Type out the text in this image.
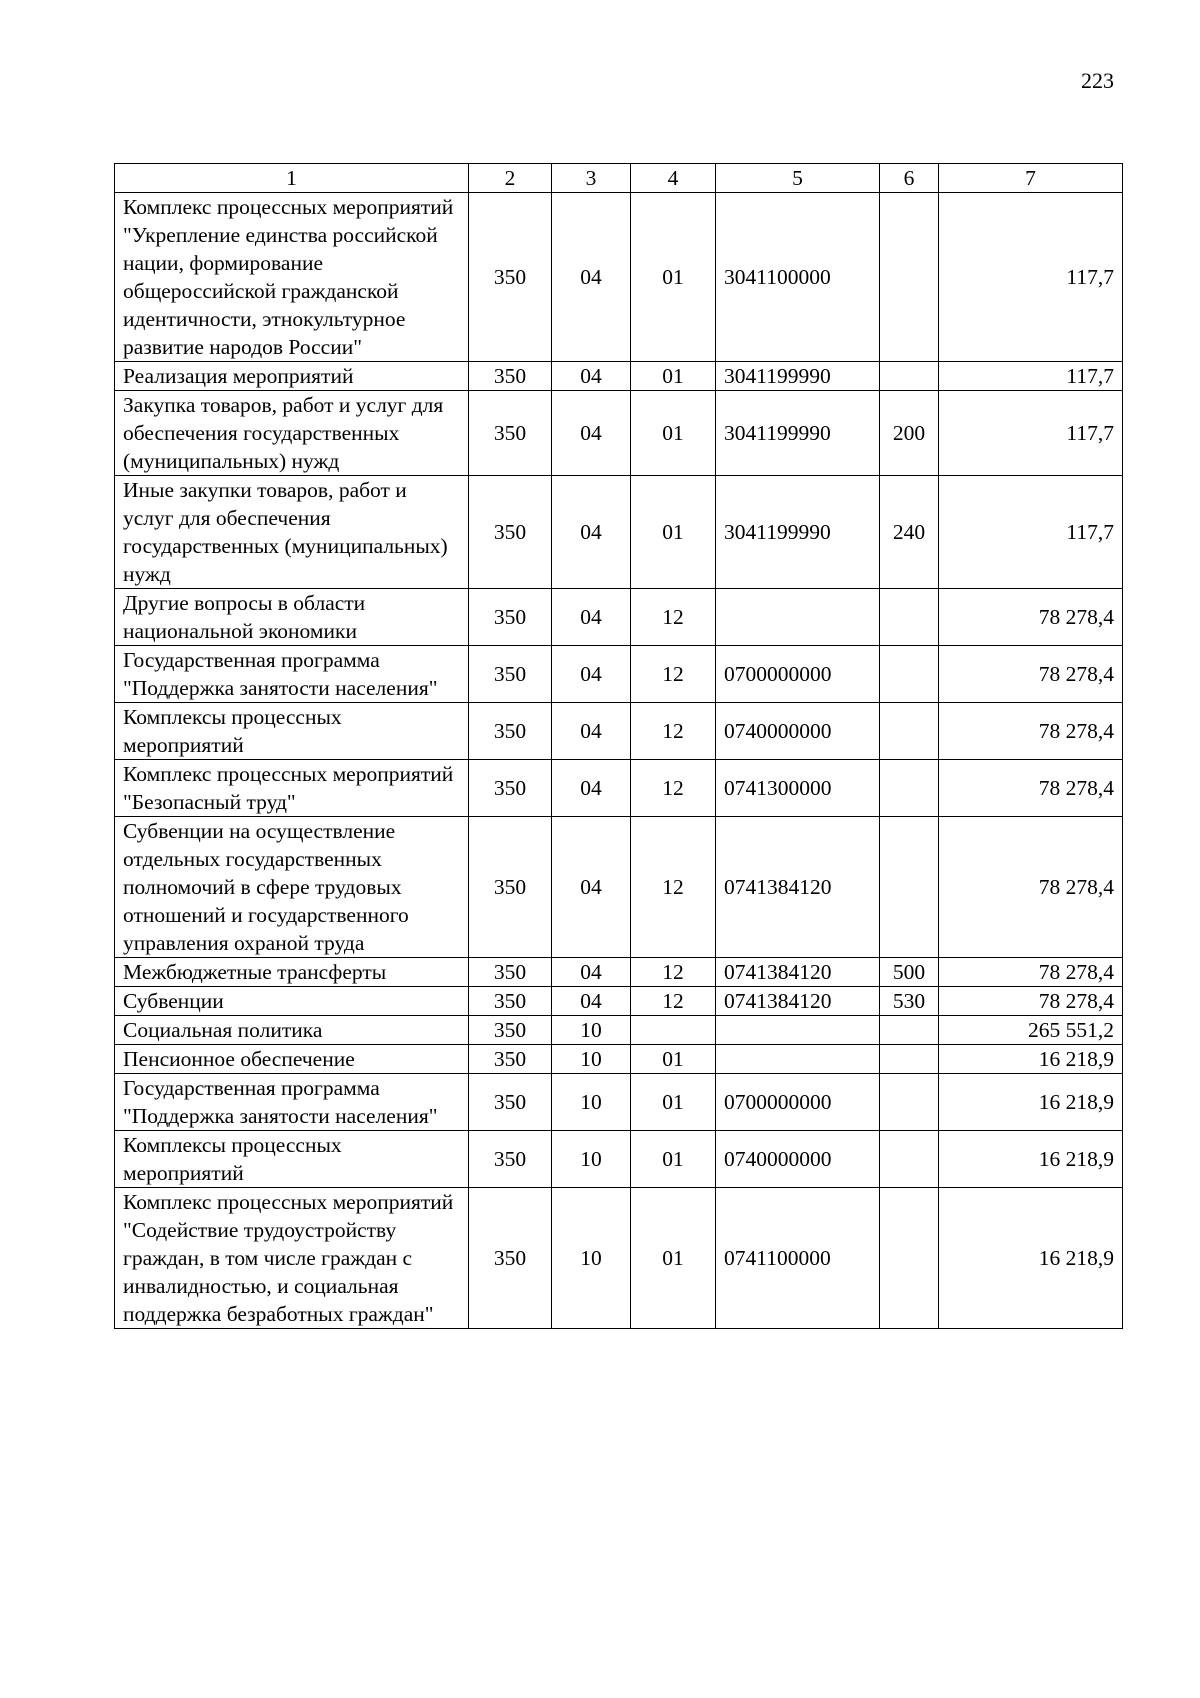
223
1	2	3	4	5	6	7
Комплекс процессных мероприятий "Укрепление единства российской нации, формирование общероссийской гражданской идентичности, этнокультурное развитие народов России"	350	04	01	3041100000		117,7
Реализация мероприятий	350	04	01	3041199990		117,7
Закупка товаров, работ и услуг для обеспечения государственных (муниципальных) нужд	350	04	01	3041199990	200	117,7
Иные закупки товаров, работ и услуг для обеспечения государственных (муниципальных) нужд	350	04	01	3041199990	240	117,7
Другие вопросы в области национальной экономики	350	04	12			78 278,4
Государственная программа "Поддержка занятости населения"	350	04	12	0700000000		78 278,4
Комплексы процессных мероприятий	350	04	12	0740000000		78 278,4
Комплекс процессных мероприятий "Безопасный труд"	350	04	12	0741300000		78 278,4
Субвенции на осуществление отдельных государственных полномочий в сфере трудовых отношений и государственного управления охраной труда	350	04	12	0741384120		78 278,4
Межбюджетные трансферты	350	04	12	0741384120	500	78 278,4
Субвенции	350	04	12	0741384120	530	78 278,4
Социальная политика	350	10				265 551,2
Пенсионное обеспечение	350	10	01			16 218,9
Государственная программа "Поддержка занятости населения"	350	10	01	0700000000		16 218,9
Комплексы процессных мероприятий	350	10	01	0740000000		16 218,9
Комплекс процессных мероприятий "Содействие трудоустройству граждан, в том числе граждан с инвалидностью, и социальная поддержка безработных граждан"	350	10	01	0741100000		16 218,9
